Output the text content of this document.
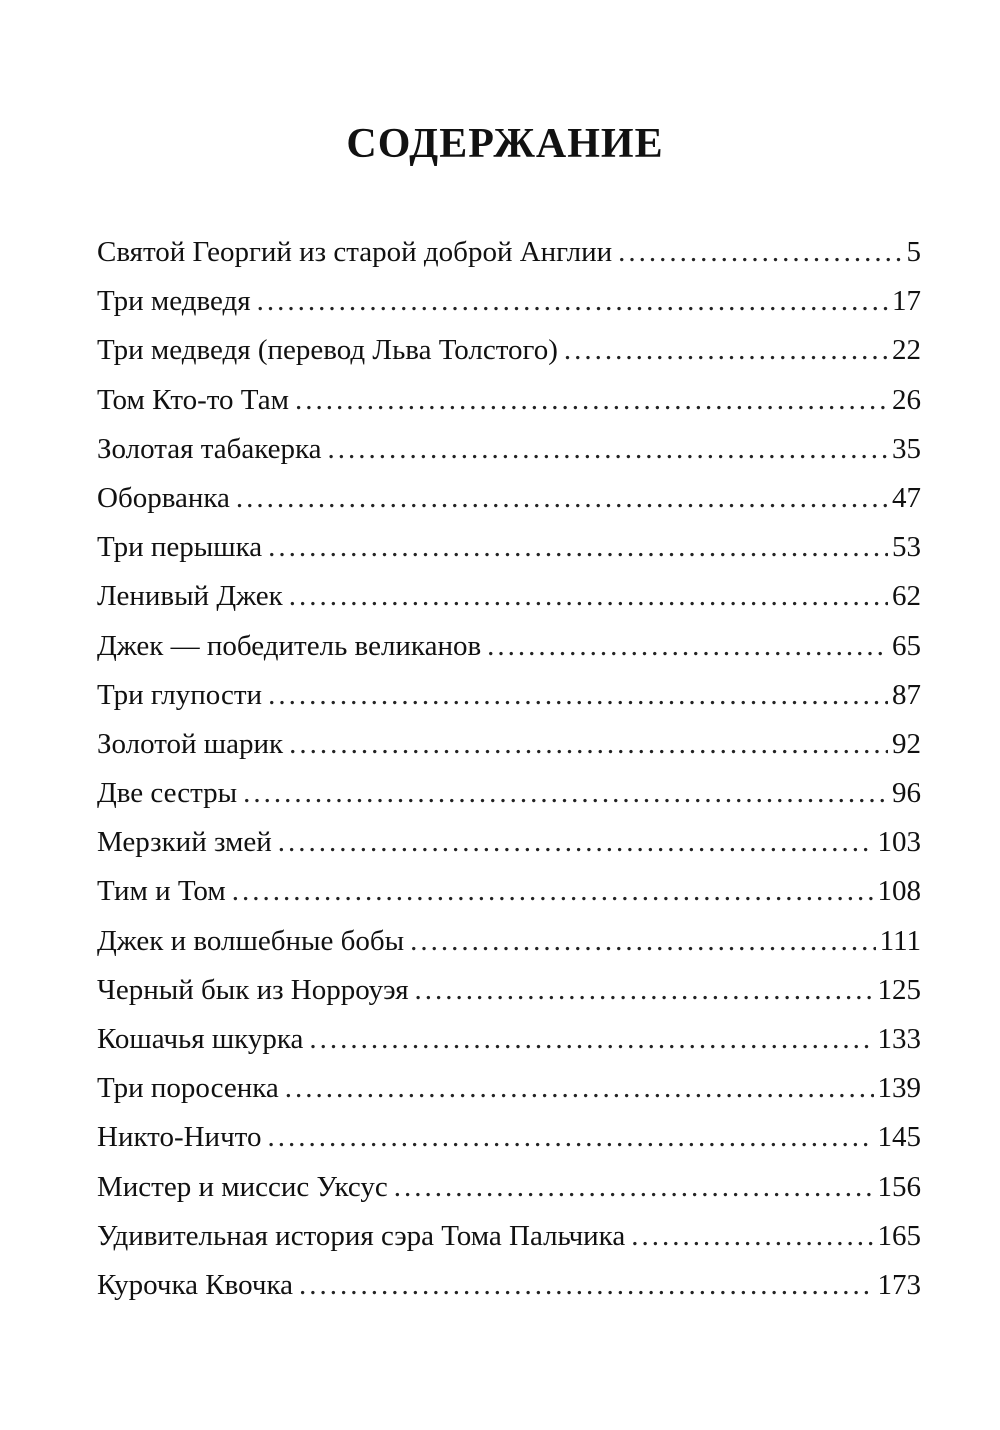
СОДЕРЖАНИЕ
Святой Георгий из старой доброй Англии .....	5
Три медведя .....	17
Три медведя (перевод Льва Толстого) .....	22
Том Кто-то Там .....	26
Золотая табакерка .....	35
Оборванка .....	47
Три перышка .....	53
Ленивый Джек .....	62
Джек — победитель великанов .....	65
Три глупости .....	87
Золотой шарик .....	92
Две сестры .....	96
Мерзкий змей .....	103
Тим и Том .....	108
Джек и волшебные бобы .....	111
Черный бык из Норроуэя .....	125
Кошачья шкурка .....	133
Три поросенка .....	139
Никто-Ничто .....	145
Мистер и миссис Уксус .....	156
Удивительная история сэра Тома Пальчика .....	165
Курочка Квочка .....	173
